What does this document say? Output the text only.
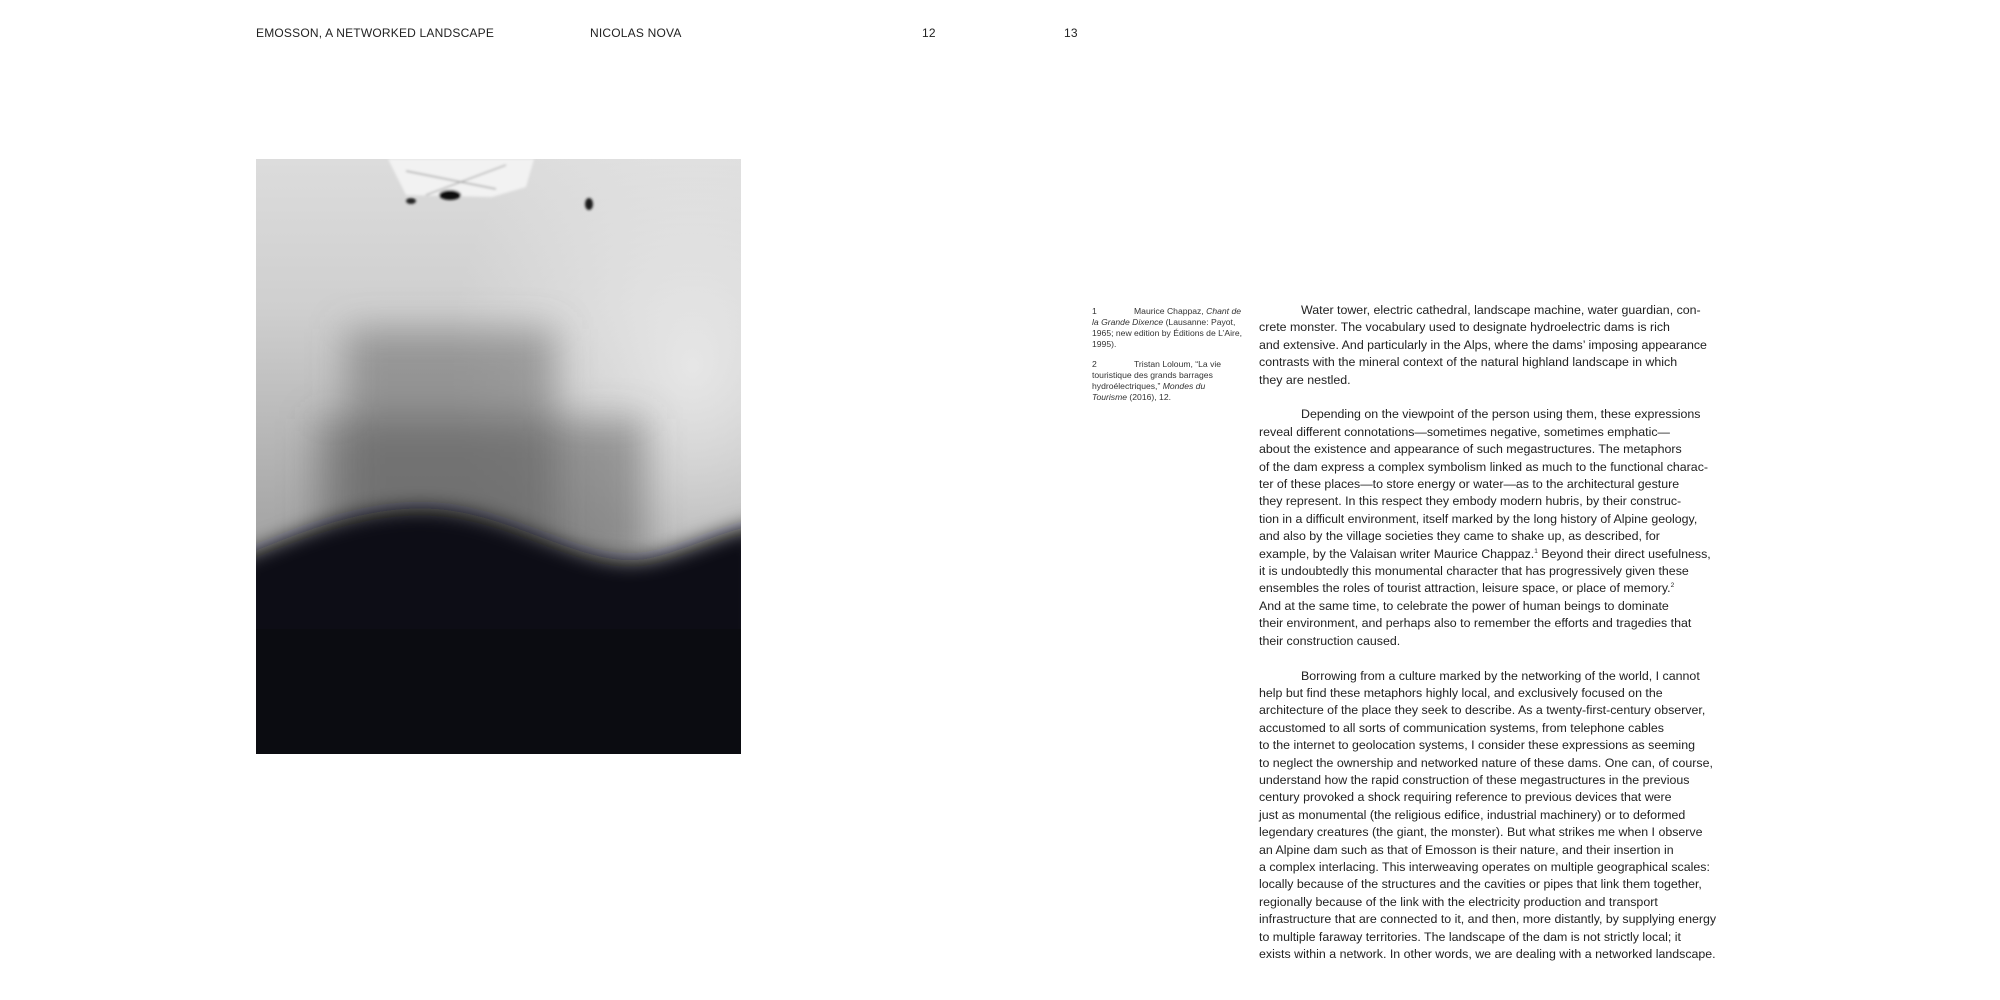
EMOSSON, A NETWORKED LANDSCAPE	NICOLAS NOVA	12	13
1	Maurice Chappaz, Chant de la Grande Dixence (Lausanne: Payot, 1965; new edition by Éditions de L’Aire, 1995).
2	Tristan Loloum, “La vie touristique des grands barrages hydroélectriques,” Mondes du Tourisme (2016), 12.

Water tower, electric cathedral, landscape machine, water guardian, con-
crete monster. The vocabulary used to designate hydroelectric dams is rich
and extensive. And particularly in the Alps, where the dams’ imposing appearance
contrasts with the mineral context of the natural highland landscape in which
they are nestled.

Depending on the viewpoint of the person using them, these expressions
reveal different connotations—sometimes negative, sometimes emphatic—
about the existence and appearance of such megastructures. The metaphors
of the dam express a complex symbolism linked as much to the functional charac-
ter of these places—to store energy or water—as to the architectural gesture
they represent. In this respect they embody modern hubris, by their construc-
tion in a difficult environment, itself marked by the long history of Alpine geology,
and also by the village societies they came to shake up, as described, for
example, by the Valaisan writer Maurice Chappaz.$^1$ Beyond their direct usefulness,
it is undoubtedly this monumental character that has progressively given these
ensembles the roles of tourist attraction, leisure space, or place of memory.$^2$
And at the same time, to celebrate the power of human beings to dominate
their environment, and perhaps also to remember the efforts and tragedies that
their construction caused.

Borrowing from a culture marked by the networking of the world, I cannot
help but find these metaphors highly local, and exclusively focused on the
architecture of the place they seek to describe. As a twenty-first-century observer,
accustomed to all sorts of communication systems, from telephone cables
to the internet to geolocation systems, I consider these expressions as seeming
to neglect the ownership and networked nature of these dams. One can, of course,
understand how the rapid construction of these megastructures in the previous
century provoked a shock requiring reference to previous devices that were
just as monumental (the religious edifice, industrial machinery) or to deformed
legendary creatures (the giant, the monster). But what strikes me when I observe
an Alpine dam such as that of Emosson is their nature, and their insertion in
a complex interlacing. This interweaving operates on multiple geographical scales:
locally because of the structures and the cavities or pipes that link them together,
regionally because of the link with the electricity production and transport
infrastructure that are connected to it, and then, more distantly, by supplying energy
to multiple faraway territories. The landscape of the dam is not strictly local; it
exists within a network. In other words, we are dealing with a networked landscape.
